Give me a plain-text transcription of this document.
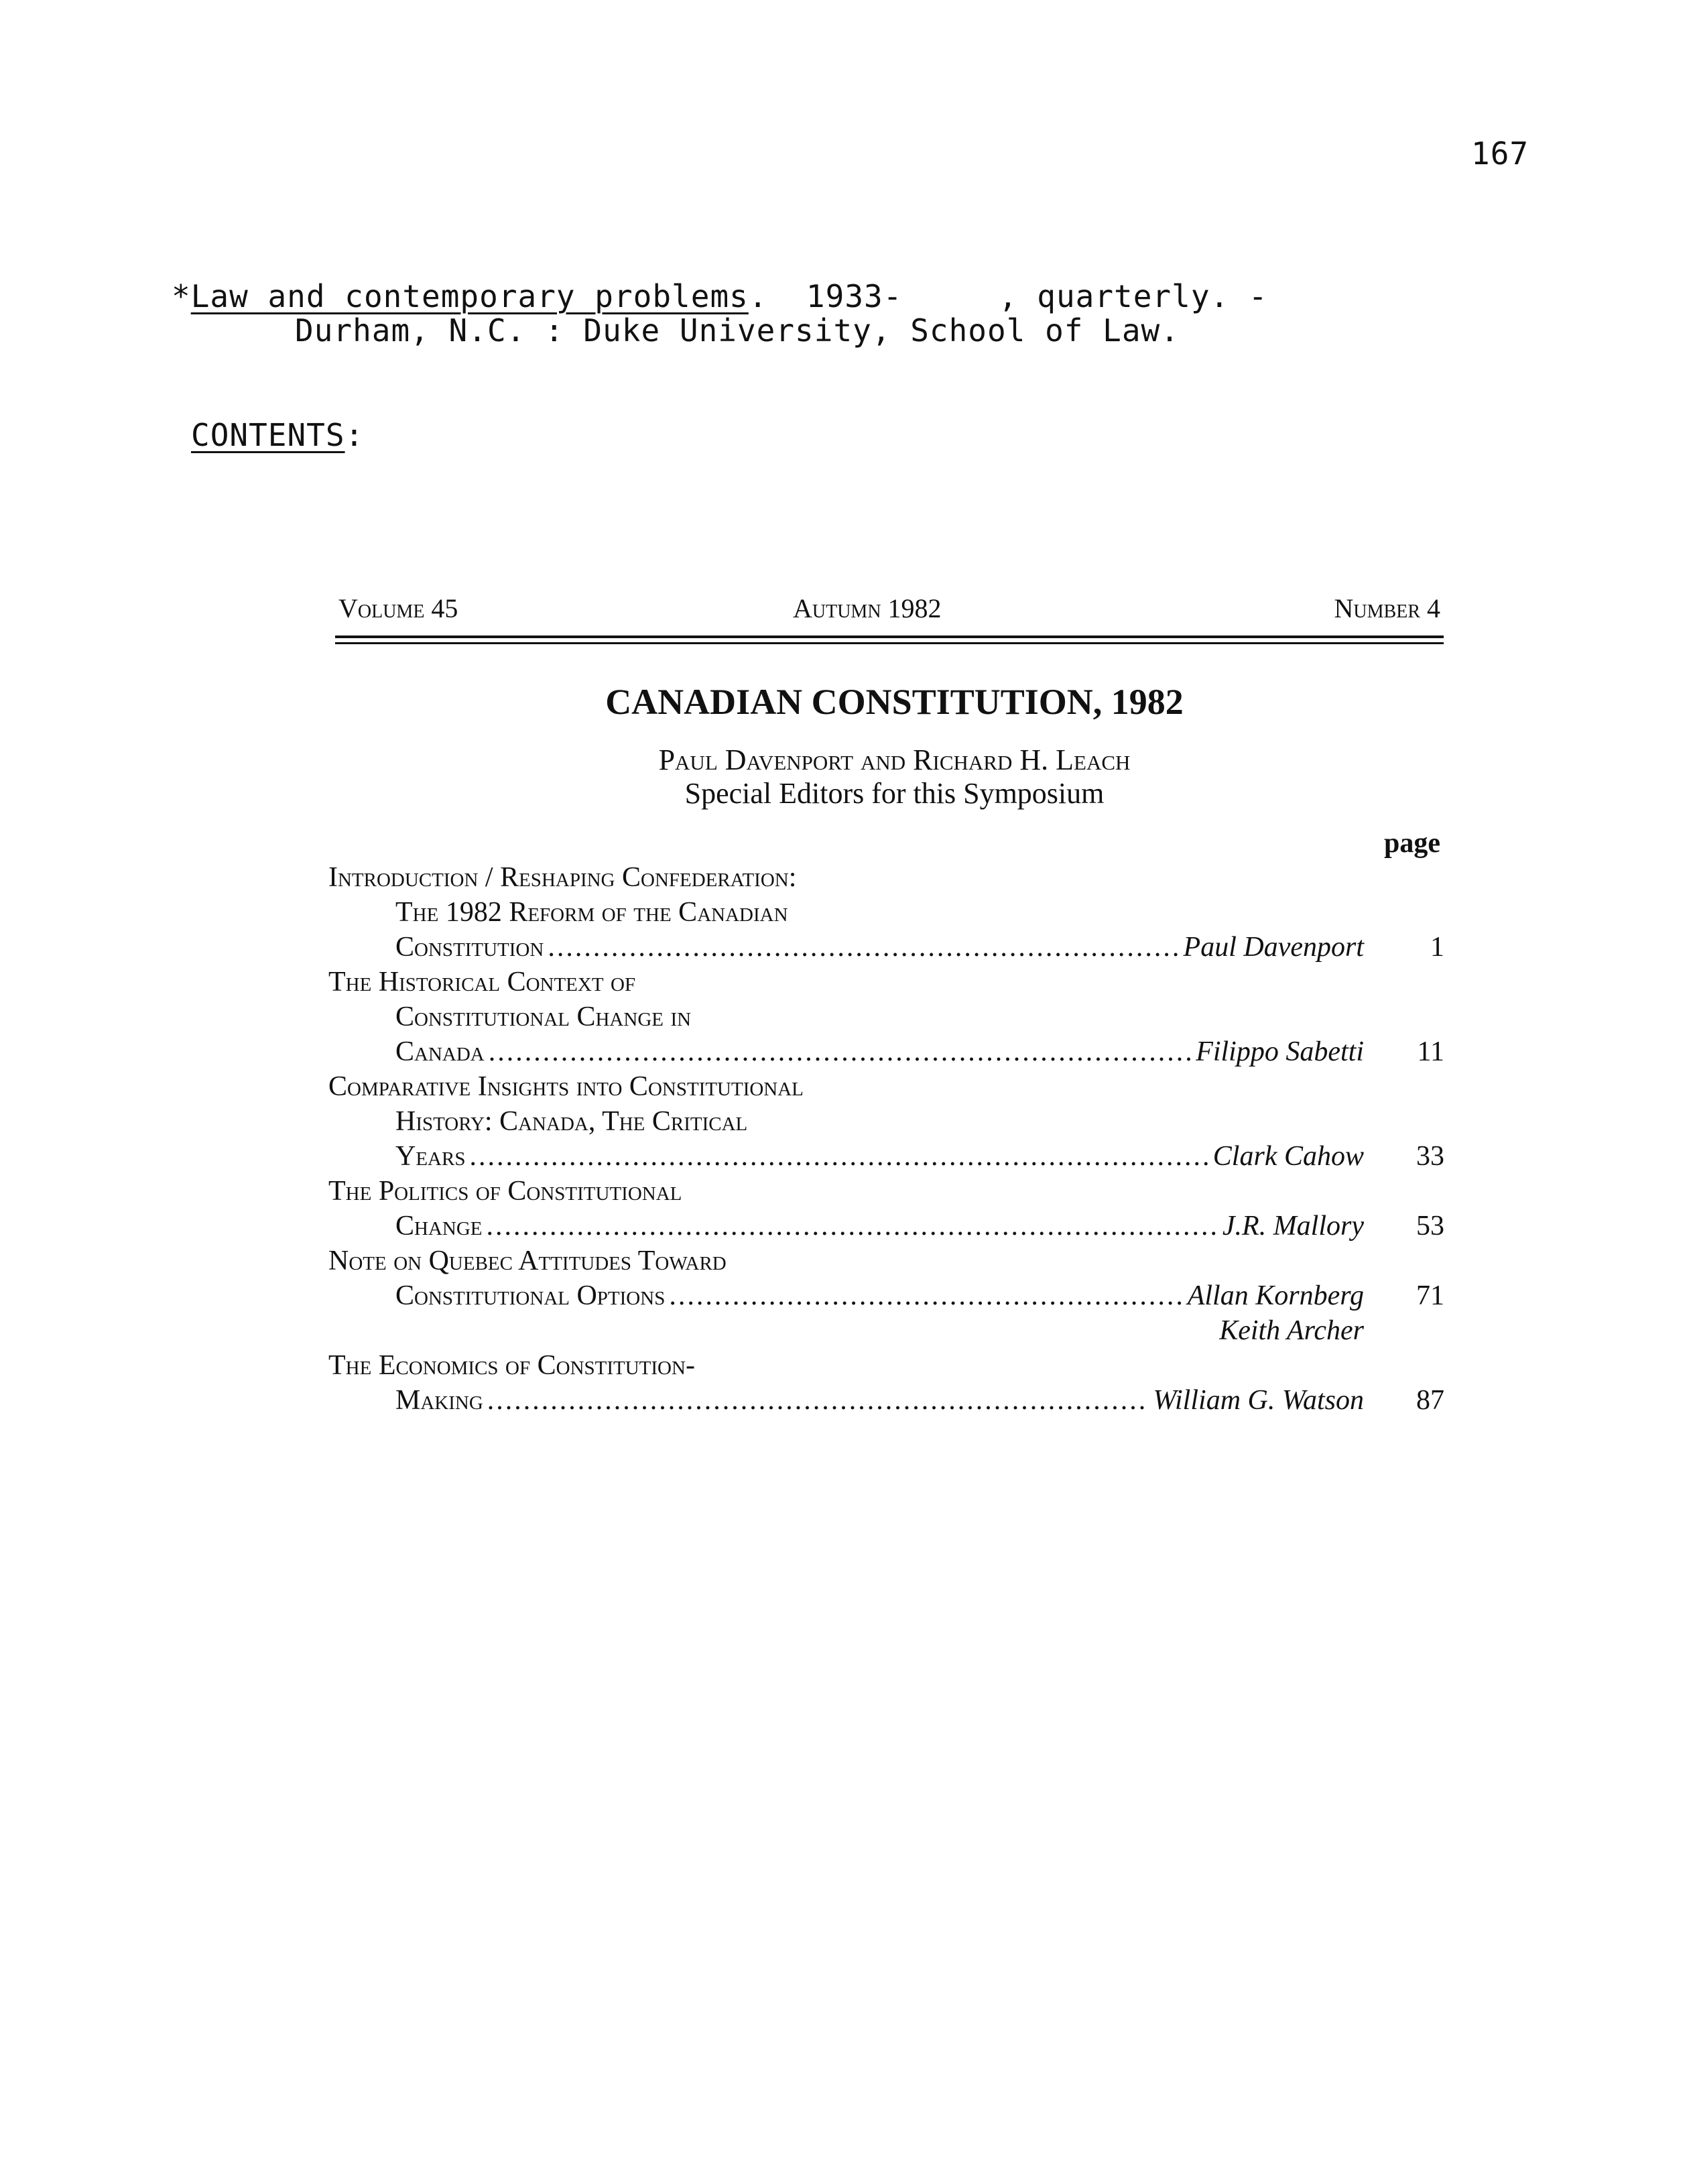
167
*Law and contemporary problems.  1933-     , quarterly. -
Durham, N.C. : Duke University, School of Law.
CONTENTS:
Volume 45	Autumn 1982	Number 4
CANADIAN CONSTITUTION, 1982
Paul Davenport and Richard H. Leach
Special Editors for this Symposium
page
Introduction / Reshaping Confederation:
The 1982 Reform of the Canadian
Constitution .....	Paul Davenport	1
The Historical Context of
Constitutional Change in
Canada .....	Filippo Sabetti	11
Comparative Insights into Constitutional
History: Canada, The Critical
Years .....	Clark Cahow	33
The Politics of Constitutional
Change .....	J.R. Mallory	53
Note on Quebec Attitudes Toward
Constitutional Options .....	Allan Kornberg	71
Keith Archer
The Economics of Constitution-
Making .....	William G. Watson	87
